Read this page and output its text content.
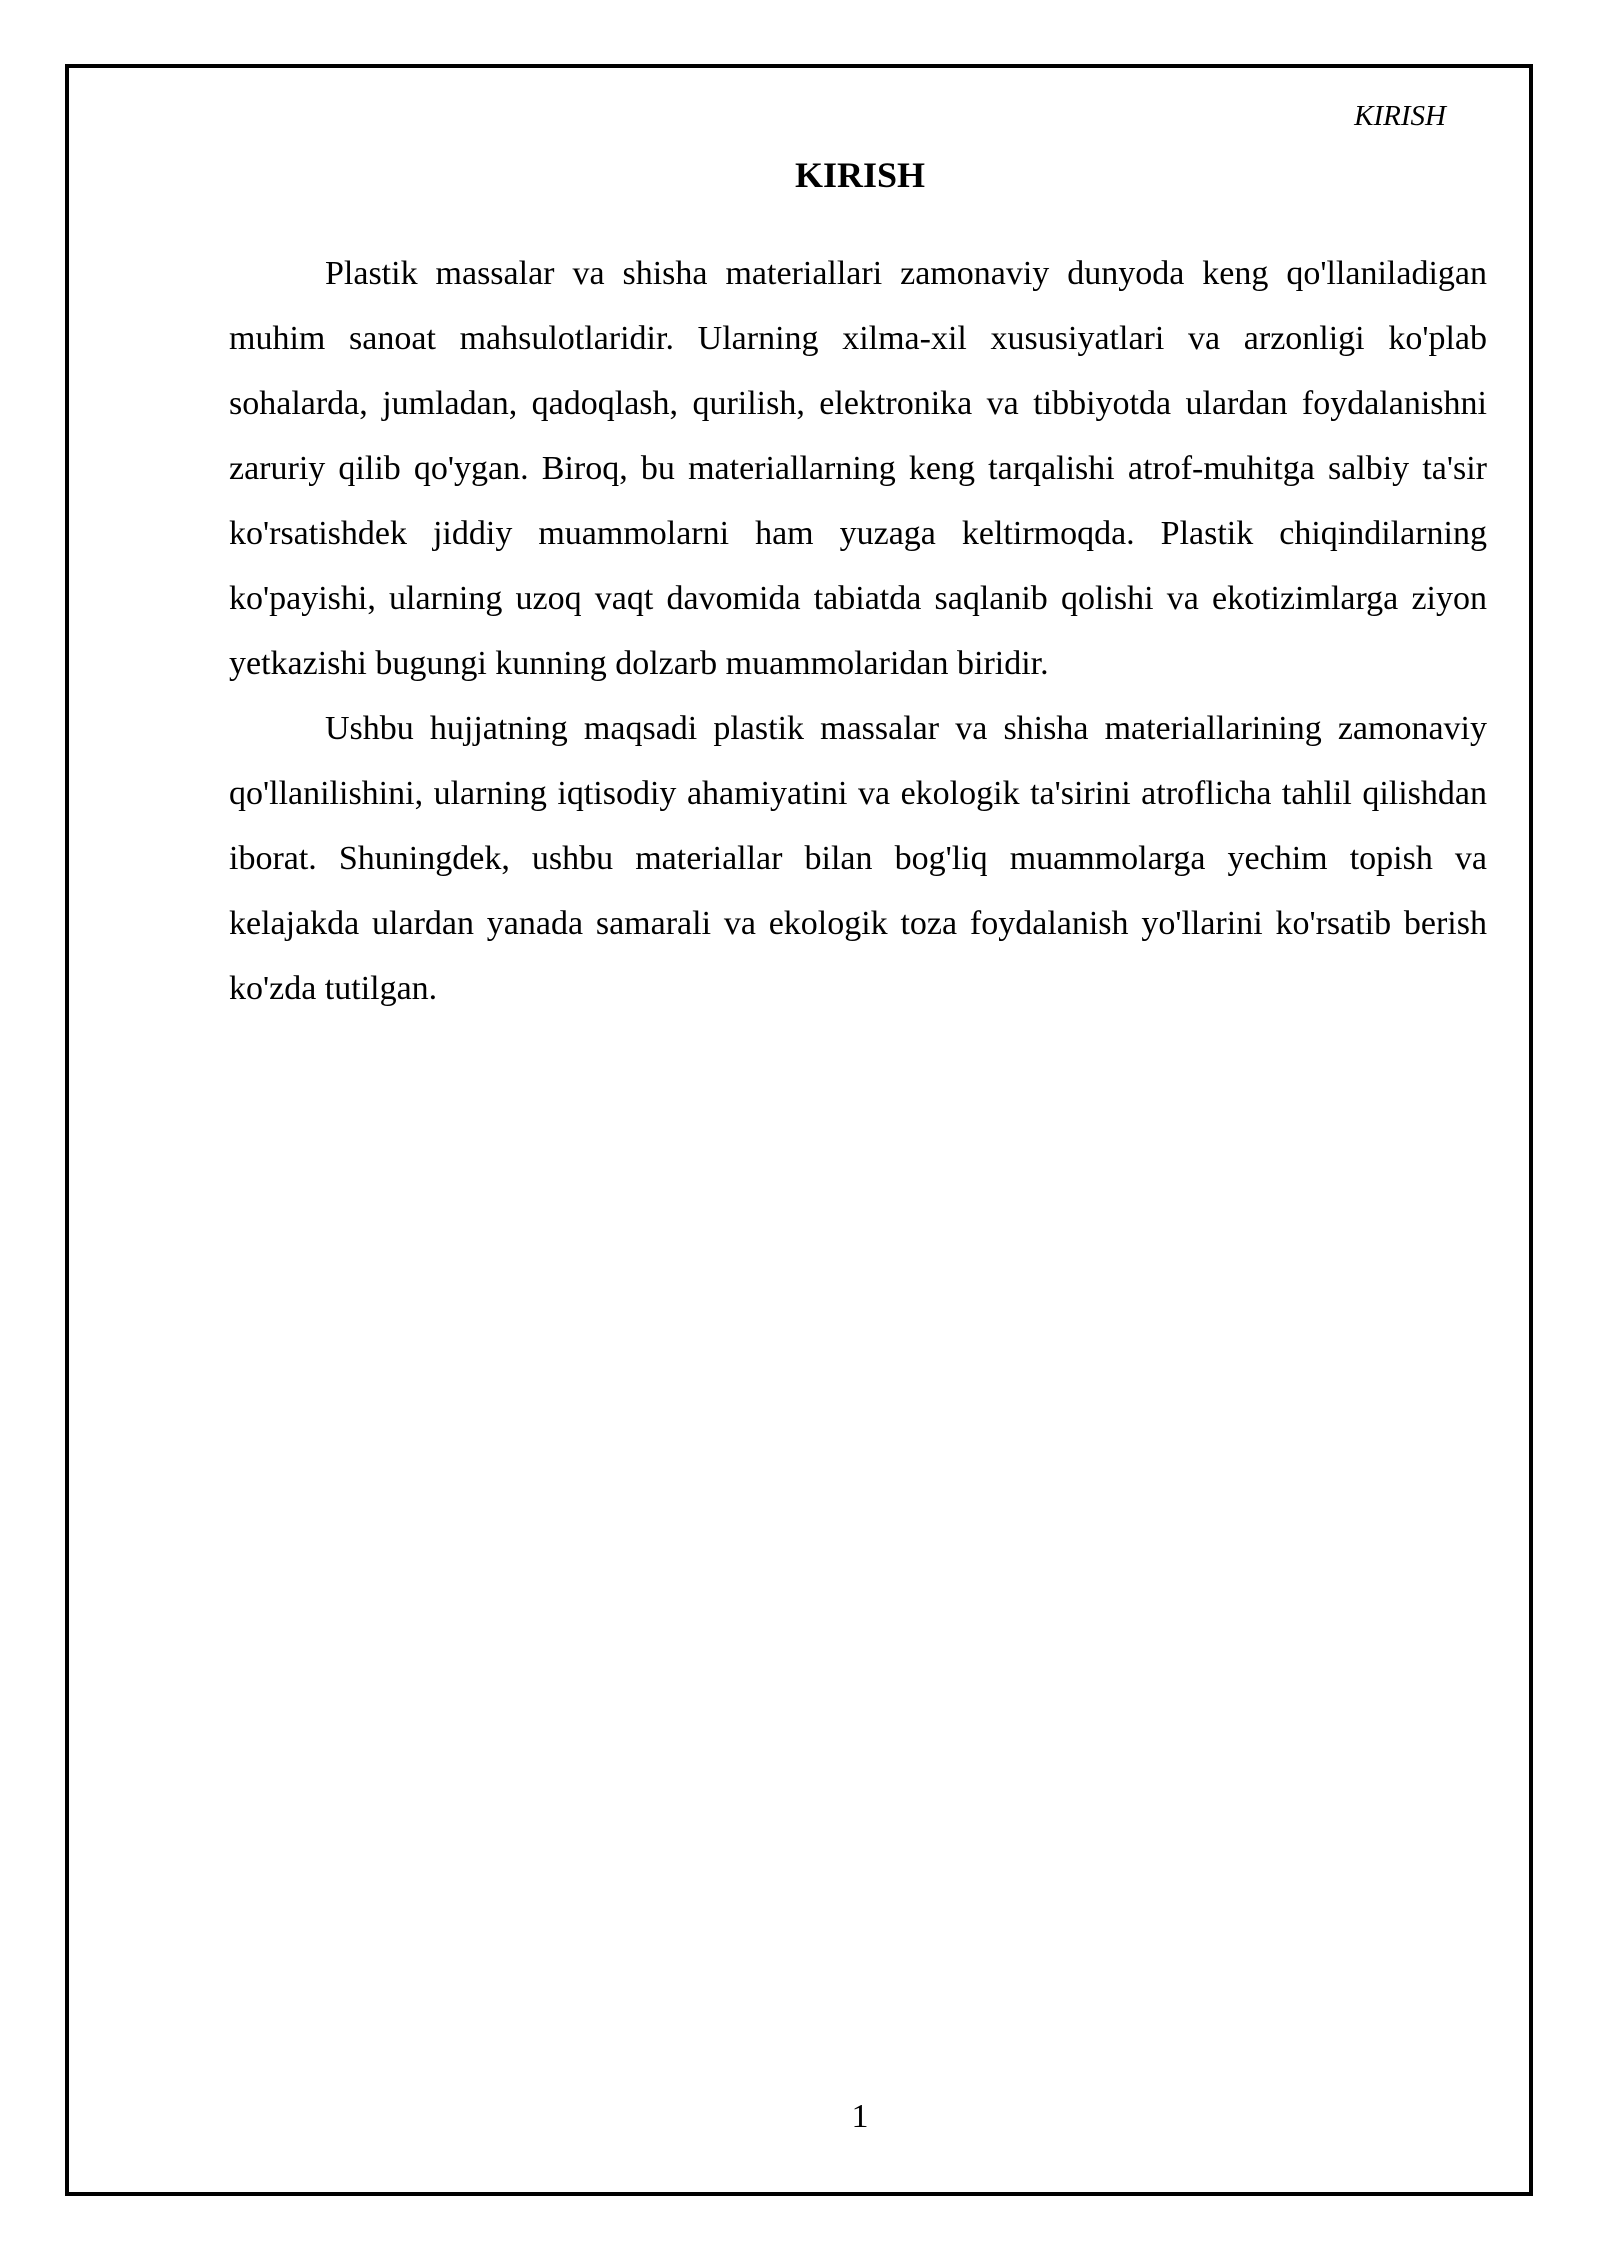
KIRISH
KIRISH

Plastik massalar va shisha materiallari zamonaviy dunyoda keng qo'llaniladigan muhim sanoat mahsulotlaridir. Ularning xilma-xil xususiyatlari va arzonligi ko'plab sohalarda, jumladan, qadoqlash, qurilish, elektronika va tibbiyotda ulardan foydalanishni zaruriy qilib qo'ygan. Biroq, bu materiallarning keng tarqalishi atrof-muhitga salbiy ta'sir ko'rsatishdek jiddiy muammolarni ham yuzaga keltirmoqda. Plastik chiqindilarning ko'payishi, ularning uzoq vaqt davomida tabiatda saqlanib qolishi va ekotizimlarga ziyon yetkazishi bugungi kunning dolzarb muammolaridan biridir.

Ushbu hujjatning maqsadi plastik massalar va shisha materiallarining zamonaviy qo'llanilishini, ularning iqtisodiy ahamiyatini va ekologik ta'sirini atroflicha tahlil qilishdan iborat. Shuningdek, ushbu materiallar bilan bog'liq muammolarga yechim topish va kelajakda ulardan yanada samarali va ekologik toza foydalanish yo'llarini ko'rsatib berish ko'zda tutilgan.

1
